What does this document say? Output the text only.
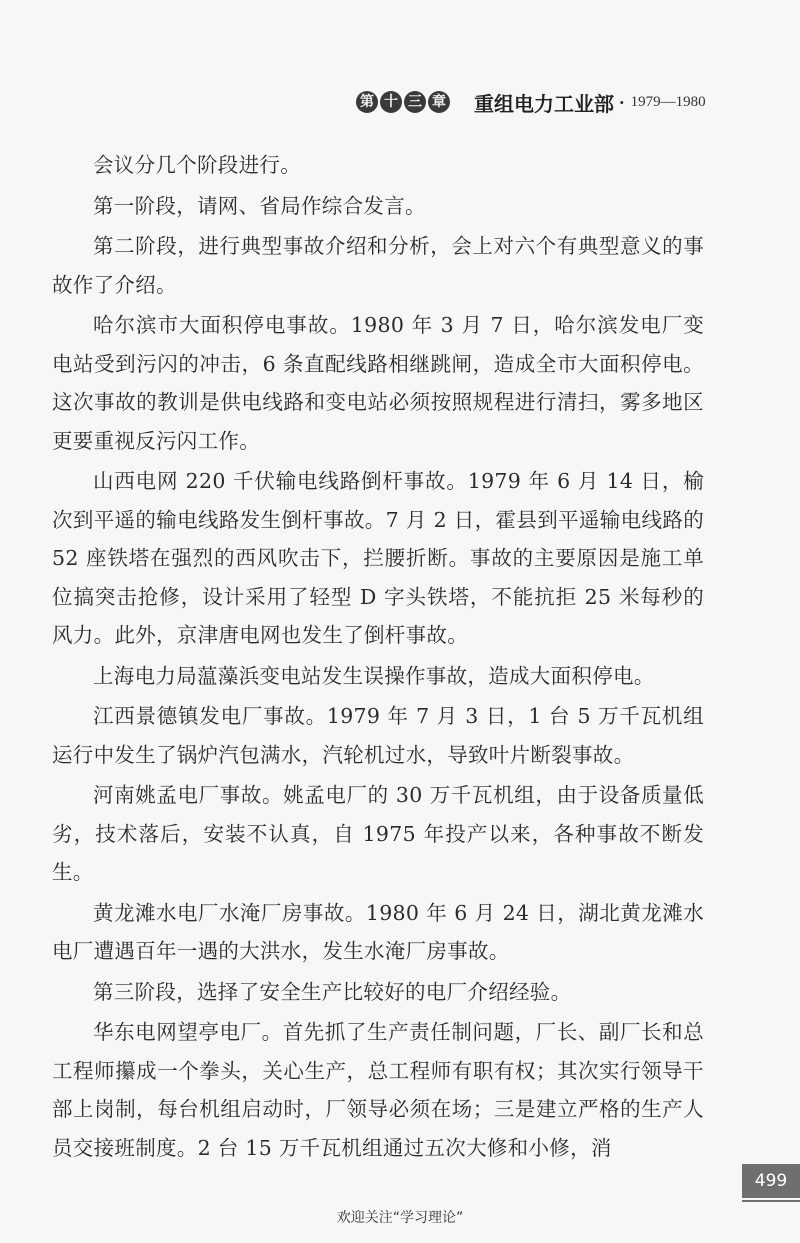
第 十 三 章 重组电力工业部 · 1979—1980

会议分几个阶段进行。

第一阶段，请网、省局作综合发言。

第二阶段，进行典型事故介绍和分析，会上对六个有典型意义的事故作了介绍。

哈尔滨市大面积停电事故。1980 年 3 月 7 日，哈尔滨发电厂变电站受到污闪的冲击，6 条直配线路相继跳闸，造成全市大面积停电。这次事故的教训是供电线路和变电站必须按照规程进行清扫，雾多地区更要重视反污闪工作。

山西电网 220 千伏输电线路倒杆事故。1979 年 6 月 14 日，榆次到平遥的输电线路发生倒杆事故。7 月 2 日，霍县到平遥输电线路的 52 座铁塔在强烈的西风吹击下，拦腰折断。事故的主要原因是施工单位搞突击抢修，设计采用了轻型 D 字头铁塔，不能抗拒 25 米每秒的风力。此外，京津唐电网也发生了倒杆事故。

上海电力局蕰藻浜变电站发生误操作事故，造成大面积停电。

江西景德镇发电厂事故。1979 年 7 月 3 日，1 台 5 万千瓦机组运行中发生了锅炉汽包满水，汽轮机过水，导致叶片断裂事故。

河南姚孟电厂事故。姚孟电厂的 30 万千瓦机组，由于设备质量低劣，技术落后，安装不认真，自 1975 年投产以来，各种事故不断发生。

黄龙滩水电厂水淹厂房事故。1980 年 6 月 24 日，湖北黄龙滩水电厂遭遇百年一遇的大洪水，发生水淹厂房事故。

第三阶段，选择了安全生产比较好的电厂介绍经验。

华东电网望亭电厂。首先抓了生产责任制问题，厂长、副厂长和总工程师攥成一个拳头，关心生产，总工程师有职有权；其次实行领导干部上岗制，每台机组启动时，厂领导必须在场；三是建立严格的生产人员交接班制度。2 台 15 万千瓦机组通过五次大修和小修，消

499
欢迎关注“学习理论”
